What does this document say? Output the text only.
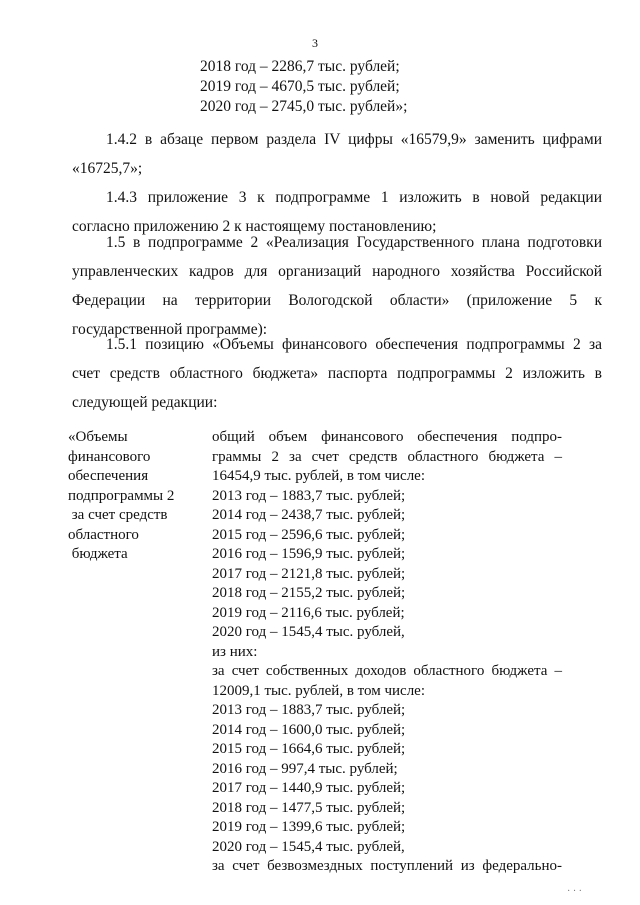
3
2018 год – 2286,7 тыс. рублей;
2019 год – 4670,5 тыс. рублей;
2020 год – 2745,0 тыс. рублей»;
1.4.2 в абзаце первом раздела IV цифры «16579,9» заменить цифрами «16725,7»;
1.4.3 приложение 3 к подпрограмме 1 изложить в новой редакции согласно приложению 2 к настоящему постановлению;
1.5 в подпрограмме 2 «Реализация Государственного плана подготовки управленческих кадров для организаций народного хозяйства Российской Федерации на территории Вологодской области» (приложение 5 к государственной программе):
1.5.1 позицию «Объемы финансового обеспечения подпрограммы 2 за счет средств областного бюджета» паспорта подпрограммы 2 изложить в следующей редакции:
«Объемы
финансового
обеспечения
подпрограммы 2
за счет средств
областного
бюджета
общий объем финансового обеспечения подпро-
граммы 2 за счет средств областного бюджета –
16454,9 тыс. рублей, в том числе:
2013 год – 1883,7 тыс. рублей;
2014 год – 2438,7 тыс. рублей;
2015 год – 2596,6 тыс. рублей;
2016 год – 1596,9 тыс. рублей;
2017 год – 2121,8 тыс. рублей;
2018 год – 2155,2 тыс. рублей;
2019 год – 2116,6 тыс. рублей;
2020 год – 1545,4 тыс. рублей,
из них:
за счет собственных доходов областного бюджета –
12009,1 тыс. рублей, в том числе:
2013 год – 1883,7 тыс. рублей;
2014 год – 1600,0 тыс. рублей;
2015 год – 1664,6 тыс. рублей;
2016 год – 997,4 тыс. рублей;
2017 год – 1440,9 тыс. рублей;
2018 год – 1477,5 тыс. рублей;
2019 год – 1399,6 тыс. рублей;
2020 год – 1545,4 тыс. рублей,
за счет безвозмездных поступлений из федерально-
· · ·
